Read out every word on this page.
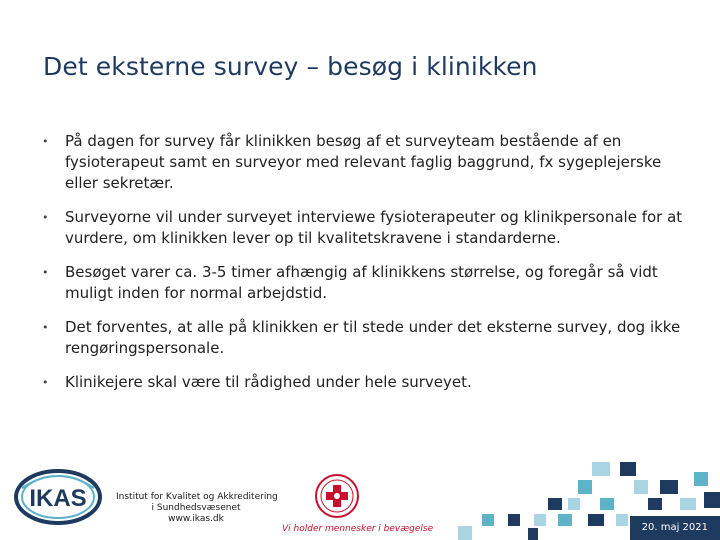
Det eksterne survey – besøg i klinikken
• På dagen for survey får klinikken besøg af et surveyteam bestående af en fysioterapeut samt en surveyor med relevant faglig baggrund, fx sygeplejerske eller sekretær.
• Surveyorne vil under surveyet interviewe fysioterapeuter og klinikpersonale for at vurdere, om klinikken lever op til kvalitetskravene i standarderne.
• Besøget varer ca. 3-5 timer afhængig af klinikkens størrelse, og foregår så vidt muligt inden for normal arbejdstid.
• Det forventes, at alle på klinikken er til stede under det eksterne survey, dog ikke rengøringspersonale.
• Klinikejere skal være til rådighed under hele surveyet.
IKAS	Institut for Kvalitet og Akkreditering
i Sundhedsvæsenet
www.ikas.dk
Vi holder mennesker i bevægelse	20. maj 2021
